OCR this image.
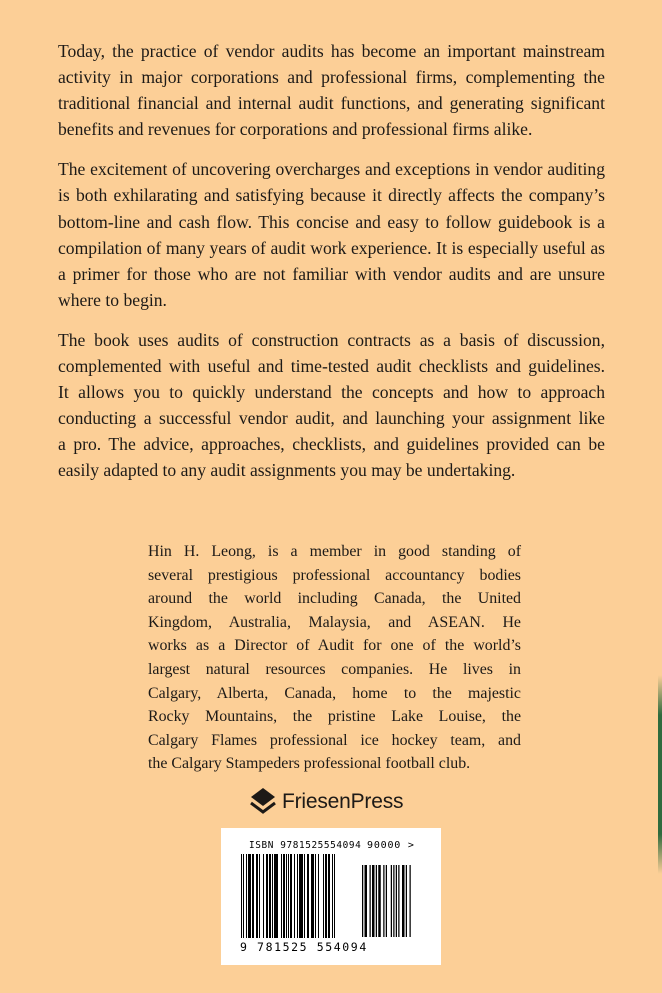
Today, the practice of vendor audits has become an important mainstream
activity in major corporations and professional firms, complementing the
traditional financial and internal audit functions, and generating significant
benefits and revenues for corporations and professional firms alike.

The excitement of uncovering overcharges and exceptions in vendor auditing
is both exhilarating and satisfying because it directly affects the company’s
bottom-line and cash flow. This concise and easy to follow guidebook is a
compilation of many years of audit work experience. It is especially useful as
a primer for those who are not familiar with vendor audits and are unsure
where to begin.

The book uses audits of construction contracts as a basis of discussion,
complemented with useful and time-tested audit checklists and guidelines.
It allows you to quickly understand the concepts and how to approach
conducting a successful vendor audit, and launching your assignment like
a pro. The advice, approaches, checklists, and guidelines provided can be
easily adapted to any audit assignments you may be undertaking.

Hin H. Leong, is a member in good standing of
several prestigious professional accountancy bodies
around the world including Canada, the United
Kingdom, Australia, Malaysia, and ASEAN. He
works as a Director of Audit for one of the world’s
largest natural resources companies. He lives in
Calgary, Alberta, Canada, home to the majestic
Rocky Mountains, the pristine Lake Louise, the
Calgary Flames professional ice hockey team, and
the Calgary Stampeders professional football club.
FriesenPress
ISBN 9781525554094 90000 >
9 781525 554094
